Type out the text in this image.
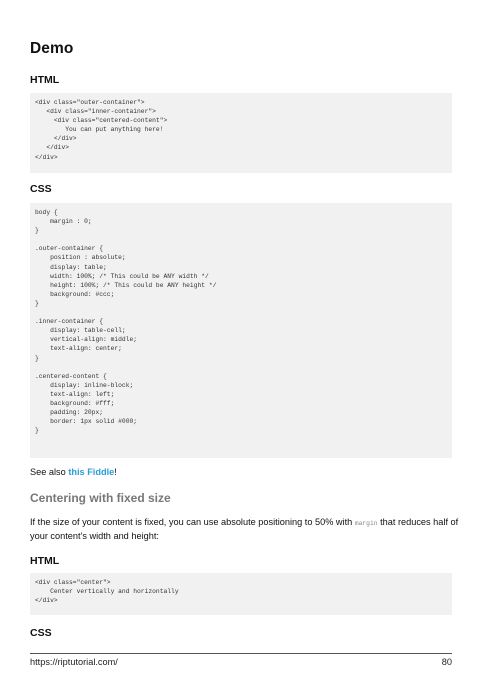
Demo
HTML
<div class="outer-container">
<div class="inner-container">
<div class="centered-content">
You can put anything here!
</div>
</div>
</div>
CSS
body {
margin : 0;
}

.outer-container {
position : absolute;
display: table;
width: 100%; /* This could be ANY width */
height: 100%; /* This could be ANY height */
background: #ccc;
}

.inner-container {
display: table-cell;
vertical-align: middle;
text-align: center;
}

.centered-content {
display: inline-block;
text-align: left;
background: #fff;
padding: 20px;
border: 1px solid #000;
}

See also this Fiddle!

Centering with fixed size

If the size of your content is fixed, you can use absolute positioning to 50% with margin that reduces half of your content's width and height:

HTML
<div class="center">
Center vertically and horizontally
</div>
CSS
https://riptutorial.com/	80
